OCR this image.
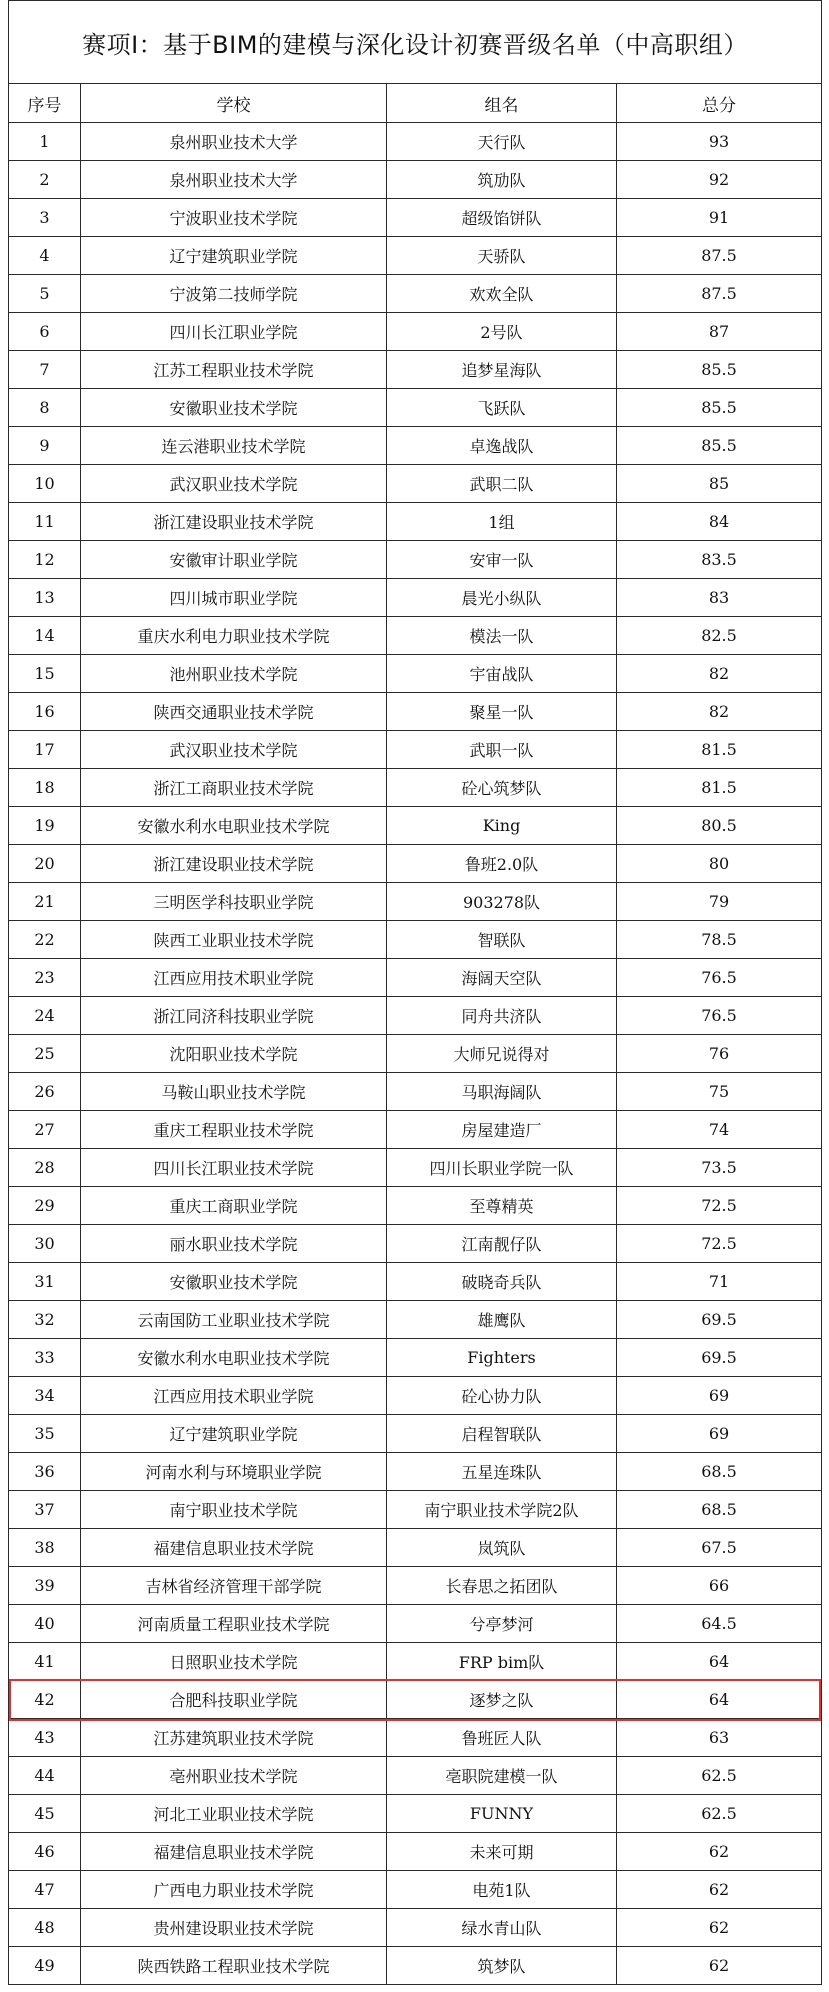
赛项I：基于BIM的建模与深化设计初赛晋级名单（中高职组）			
序号	学校	组名	总分
1	泉州职业技术大学	天行队	93
2	泉州职业技术大学	筑劢队	92
3	宁波职业技术学院	超级馅饼队	91
4	辽宁建筑职业学院	天骄队	87.5
5	宁波第二技师学院	欢欢全队	87.5
6	四川长江职业学院	2号队	87
7	江苏工程职业技术学院	追梦星海队	85.5
8	安徽职业技术学院	飞跃队	85.5
9	连云港职业技术学院	卓逸战队	85.5
10	武汉职业技术学院	武职二队	85
11	浙江建设职业技术学院	1组	84
12	安徽审计职业学院	安审一队	83.5
13	四川城市职业学院	晨光小纵队	83
14	重庆水利电力职业技术学院	模法一队	82.5
15	池州职业技术学院	宇宙战队	82
16	陕西交通职业技术学院	聚星一队	82
17	武汉职业技术学院	武职一队	81.5
18	浙江工商职业技术学院	砼心筑梦队	81.5
19	安徽水利水电职业技术学院	King	80.5
20	浙江建设职业技术学院	鲁班2.0队	80
21	三明医学科技职业学院	903278队	79
22	陕西工业职业技术学院	智联队	78.5
23	江西应用技术职业学院	海阔天空队	76.5
24	浙江同济科技职业学院	同舟共济队	76.5
25	沈阳职业技术学院	大师兄说得对	76
26	马鞍山职业技术学院	马职海阔队	75
27	重庆工程职业技术学院	房屋建造厂	74
28	四川长江职业技术学院	四川长职业学院一队	73.5
29	重庆工商职业学院	至尊精英	72.5
30	丽水职业技术学院	江南靓仔队	72.5
31	安徽职业技术学院	破晓奇兵队	71
32	云南国防工业职业技术学院	雄鹰队	69.5
33	安徽水利水电职业技术学院	Fighters	69.5
34	江西应用技术职业学院	砼心协力队	69
35	辽宁建筑职业学院	启程智联队	69
36	河南水利与环境职业学院	五星连珠队	68.5
37	南宁职业技术学院	南宁职业技术学院2队	68.5
38	福建信息职业技术学院	岚筑队	67.5
39	吉林省经济管理干部学院	长春思之拓团队	66
40	河南质量工程职业技术学院	兮亭梦河	64.5
41	日照职业技术学院	FRP bim队	64
42	合肥科技职业学院	逐梦之队	64
43	江苏建筑职业技术学院	鲁班匠人队	63
44	亳州职业技术学院	亳职院建模一队	62.5
45	河北工业职业技术学院	FUNNY	62.5
46	福建信息职业技术学院	未来可期	62
47	广西电力职业技术学院	电苑1队	62
48	贵州建设职业技术学院	绿水青山队	62
49	陕西铁路工程职业技术学院	筑梦队	62
